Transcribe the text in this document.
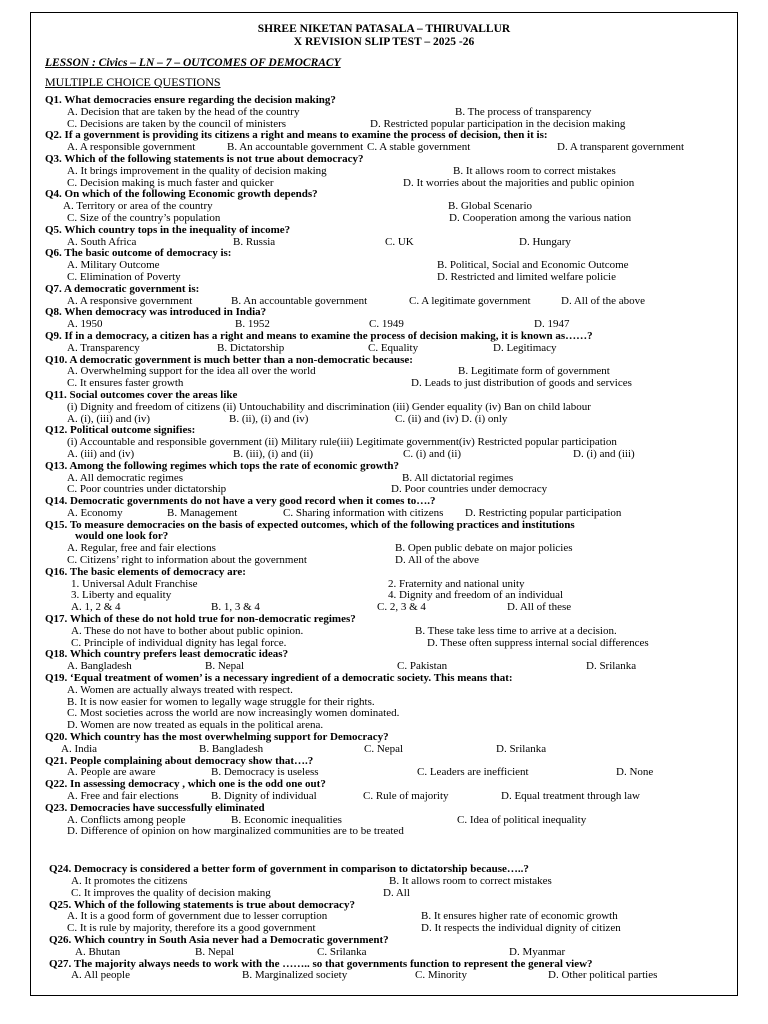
SHREE NIKETAN PATASALA – THIRUVALLUR
X REVISION SLIP TEST – 2025 -26
LESSON : Civics – LN – 7 – OUTCOMES OF DEMOCRACY
MULTIPLE CHOICE QUESTIONS
Q1. What democracies ensure regarding the decision making?
A. Decision that are taken by the head of the country	B. The process of transparency
C. Decisions are taken by the council of ministers	D. Restricted popular participation in the decision making
Q2. If a government is providing its citizens a right and means to examine the process of decision, then it is:
A. A responsible government	B. An accountable government C. A stable government	D. A transparent government
Q3. Which of the following statements is not true about democracy?
A. It brings improvement in the quality of decision making	B. It allows room to correct mistakes
C. Decision making is much faster and quicker	D. It worries about the majorities and public opinion
Q4. On which of the following Economic growth depends?
A. Territory or area of the country	B. Global Scenario
C. Size of the country’s population	D. Cooperation among the various nation
Q5. Which country tops in the inequality of income?
A. South Africa	B. Russia	C. UK	D. Hungary
Q6. The basic outcome of democracy is:
A. Military Outcome	B. Political, Social and Economic Outcome
C. Elimination of Poverty	D. Restricted and limited welfare policie
Q7. A democratic government is:
A. A responsive government	B. An accountable government	C. A legitimate government	D. All of the above
Q8. When democracy was introduced in India?
A. 1950	B. 1952	C. 1949	D. 1947
Q9. If in a democracy, a citizen has a right and means to examine the process of decision making, it is known as……?
A. Transparency	B. Dictatorship	C. Equality	D. Legitimacy
Q10. A democratic government is much better than a non-democratic because:
A. Overwhelming support for the idea all over the world	B. Legitimate form of government
C. It ensures faster growth	D. Leads to just distribution of goods and services
Q11. Social outcomes cover the areas like
(i) Dignity and freedom of citizens (ii) Untouchability and discrimination (iii) Gender equality (iv) Ban on child labour
A. (i), (iii) and (iv)	B. (ii), (i) and (iv)	C. (ii) and (iv) D. (i) only
Q12. Political outcome signifies:
(i) Accountable and responsible government (ii) Military rule(iii) Legitimate government(iv) Restricted popular participation
A. (iii) and (iv)	B. (iii), (i) and (ii)	C. (i) and (ii)	D. (i) and (iii)
Q13. Among the following regimes which tops the rate of economic growth?
A. All democratic regimes	B. All dictatorial regimes
C. Poor countries under dictatorship	D. Poor countries under democracy
Q14. Democratic governments do not have a very good record when it comes to….?
A. Economy	B. Management	C. Sharing information with citizens D. Restricting popular participation
Q15. To measure democracies on the basis of expected outcomes, which of the following practices and institutions
would one look for?
A. Regular, free and fair elections	B. Open public debate on major policies
C. Citizens’ right to information about the government	D. All of the above
Q16. The basic elements of democracy are:
1. Universal Adult Franchise	2. Fraternity and national unity
3. Liberty and equality	4. Dignity and freedom of an individual
A. 1, 2 & 4	B. 1, 3 & 4	C. 2, 3 & 4	D. All of these
Q17. Which of these do not hold true for non-democratic regimes?
A. These do not have to bother about public opinion.	B. These take less time to arrive at a decision.
C. Principle of individual dignity has legal force.	D. These often suppress internal social differences
Q18. Which country prefers least democratic ideas?
A. Bangladesh	B. Nepal	C. Pakistan	D. Srilanka
Q19. ‘Equal treatment of women’ is a necessary ingredient of a democratic society. This means that:
A. Women are actually always treated with respect.
B. It is now easier for women to legally wage struggle for their rights.
C. Most societies across the world are now increasingly women dominated.
D. Women are now treated as equals in the political arena.
Q20. Which country has the most overwhelming support for Democracy?
A. India	B. Bangladesh	C. Nepal	D. Srilanka
Q21. People complaining about democracy show that….?
A. People are aware	B. Democracy is useless	C. Leaders are inefficient	D. None
Q22. In assessing democracy , which one is the odd one out?
A. Free and fair elections	B. Dignity of individual	C. Rule of majority	D. Equal treatment through law
Q23. Democracies have successfully eliminated
A. Conflicts among people	B. Economic inequalities	C. Idea of political inequality
D. Difference of opinion on how marginalized communities are to be treated
Q24. Democracy is considered a better form of government in comparison to dictatorship because…..?
A. It promotes the citizens	B. It allows room to correct mistakes
C. It improves the quality of decision making	D. All
Q25. Which of the following statements is true about democracy?
A. It is a good form of government due to lesser corruption	B. It ensures higher rate of economic growth
C. It is rule by majority, therefore its a good government	D. It respects the individual dignity of citizen
Q26. Which country in South Asia never had a Democratic government?
A. Bhutan	B. Nepal	C. Srilanka	D. Myanmar
Q27. The majority always needs to work with the …….. so that governments function to represent the general view?
A. All people	B. Marginalized society	C. Minority	D. Other political parties
